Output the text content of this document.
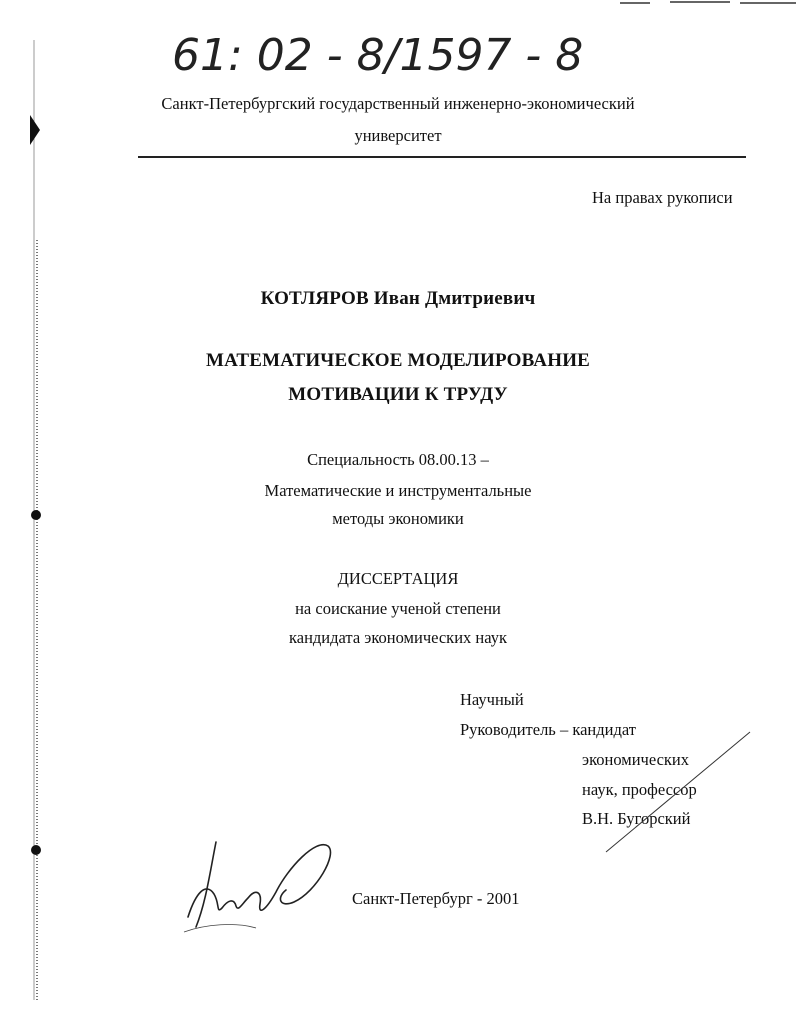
61: 02 - 8/1597 - 8
Санкт-Петербургский государственный инженерно-экономический
университет
На правах рукописи
КОТЛЯРОВ Иван Дмитриевич
МАТЕМАТИЧЕСКОЕ МОДЕЛИРОВАНИЕ
МОТИВАЦИИ К ТРУДУ
Специальность 08.00.13 –
Математические и инструментальные
методы экономики
ДИССЕРТАЦИЯ
на соискание ученой степени
кандидата экономических наук
Научный
Руководитель – кандидат
экономических
наук, профессор
В.Н. Бугорский
Санкт-Петербург - 2001
